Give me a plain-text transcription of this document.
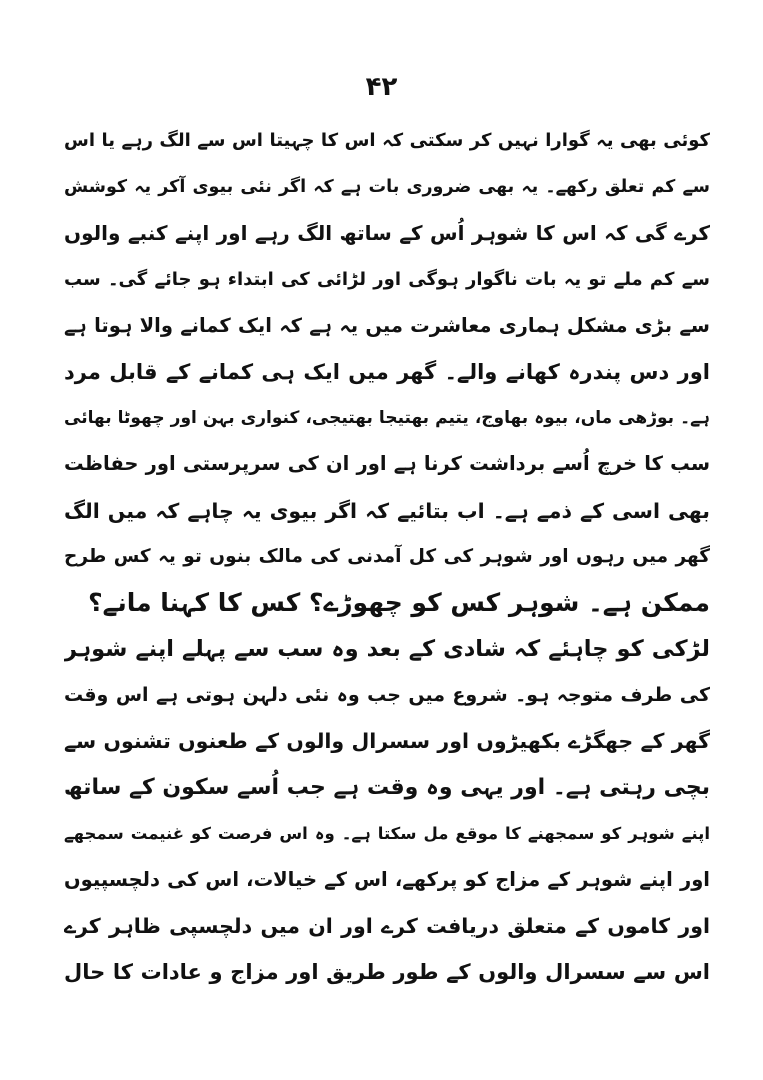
۴۲
کوئی بھی یہ گوارا نہیں کر سکتی کہ اس کا چہیتا اس سے الگ رہے یا اس
سے کم تعلق رکھے۔ یہ بھی ضروری بات ہے کہ اگر نئی بیوی آکر یہ کوشش
کرے گی کہ اس کا شوہر اُس کے ساتھ الگ رہے اور اپنے کنبے والوں
سے کم ملے تو یہ بات ناگوار ہوگی اور لڑائی کی ابتداء ہو جائے گی۔ سب
سے بڑی مشکل ہماری معاشرت میں یہ ہے کہ ایک کمانے والا ہوتا ہے
اور دس پندرہ کھانے والے۔ گھر میں ایک ہی کمانے کے قابل مرد
ہے۔ بوڑھی ماں، بیوہ بھاوج، یتیم بھتیجا بھتیجی، کنواری بہن اور چھوٹا بھائی
سب کا خرچ اُسے برداشت کرنا ہے اور ان کی سرپرستی اور حفاظت
بھی اسی کے ذمے ہے۔ اب بتائیے کہ اگر بیوی یہ چاہے کہ میں الگ
گھر میں رہوں اور شوہر کی کل آمدنی کی مالک بنوں تو یہ کس طرح
ممکن ہے۔ شوہر کس کو چھوڑے؟ کس کا کہنا مانے؟
لڑکی کو چاہئے کہ شادی کے بعد وہ سب سے پہلے اپنے شوہر
کی طرف متوجہ ہو۔ شروع میں جب وہ نئی دلہن ہوتی ہے اس وقت
گھر کے جھگڑے بکھیڑوں اور سسرال والوں کے طعنوں تشنوں سے
بچی رہتی ہے۔ اور یہی وہ وقت ہے جب اُسے سکون کے ساتھ
اپنے شوہر کو سمجھنے کا موقع مل سکتا ہے۔ وہ اس فرصت کو غنیمت سمجھے
اور اپنے شوہر کے مزاج کو پرکھے، اس کے خیالات، اس کی دلچسپیوں
اور کاموں کے متعلق دریافت کرے اور ان میں دلچسپی ظاہر کرے
اس سے سسرال والوں کے طور طریق اور مزاج و عادات کا حال
